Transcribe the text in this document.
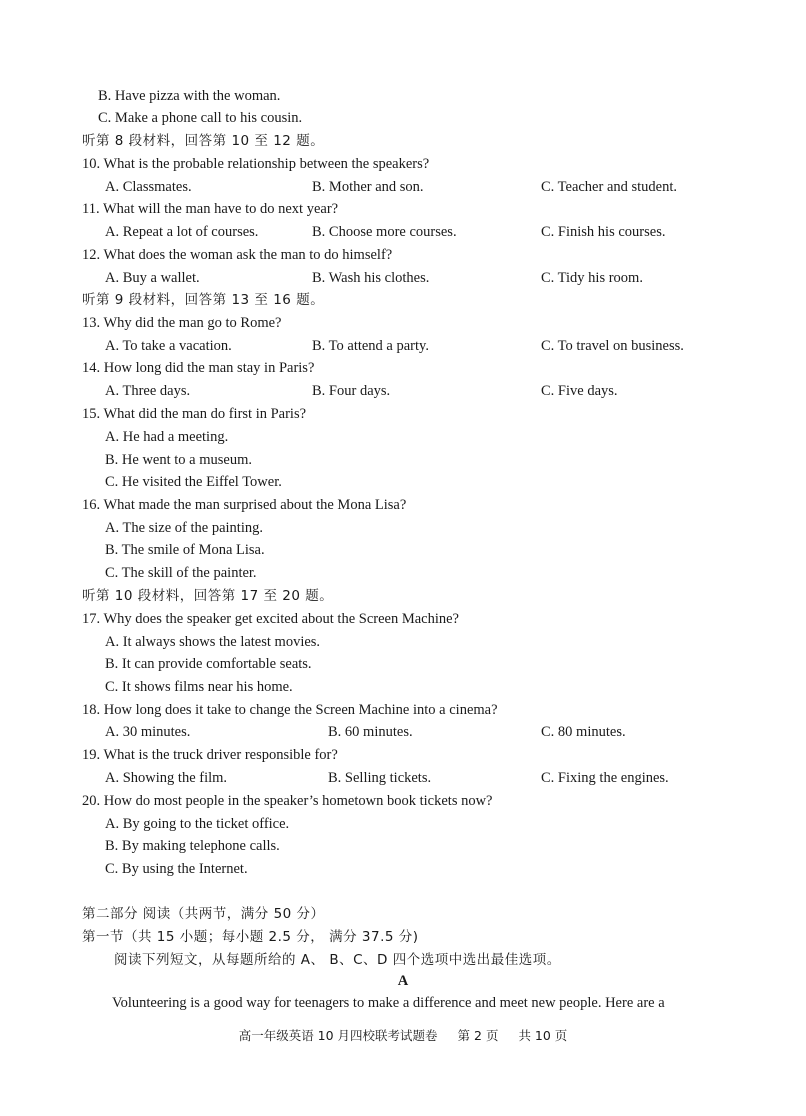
B. Have pizza with the woman.
C. Make a phone call to his cousin.
听第 8 段材料，回答第 10 至 12 题。
10. What is the probable relationship between the speakers?
A. Classmates.	B. Mother and son.	C. Teacher and student.
11. What will the man have to do next year?
A. Repeat a lot of courses.	B. Choose more courses.	C. Finish his courses.
12. What does the woman ask the man to do himself?
A. Buy a wallet.	B. Wash his clothes.	C. Tidy his room.
听第 9 段材料，回答第 13 至 16 题。
13. Why did the man go to Rome?
A. To take a vacation.	B. To attend a party.	C. To travel on business.
14. How long did the man stay in Paris?
A. Three days.	B. Four days.	C. Five days.
15. What did the man do first in Paris?
A. He had a meeting.
B. He went to a museum.
C. He visited the Eiffel Tower.
16. What made the man surprised about the Mona Lisa?
A. The size of the painting.
B. The smile of Mona Lisa.
C. The skill of the painter.
听第 10 段材料，回答第 17 至 20 题。
17. Why does the speaker get excited about the Screen Machine?
A. It always shows the latest movies.
B. It can provide comfortable seats.
C. It shows films near his home.
18. How long does it take to change the Screen Machine into a cinema?
A. 30 minutes.	B. 60 minutes.	C. 80 minutes.
19. What is the truck driver responsible for?
A. Showing the film.	B. Selling tickets.	C. Fixing the engines.
20. How do most people in the speaker’s hometown book tickets now?
A. By going to the ticket office.
B. By making telephone calls.
C. By using the Internet.
第二部分 阅读（共两节，满分 50 分）
第一节（共 15 小题；每小题 2.5 分， 满分 37.5 分)
阅读下列短文，从每题所给的 A、 B、C、D 四个选项中选出最佳选项。
A
Volunteering is a good way for teenagers to make a difference and meet new people. Here are a
高一年级英语 10 月四校联考试题卷 第 2 页 共 10 页
